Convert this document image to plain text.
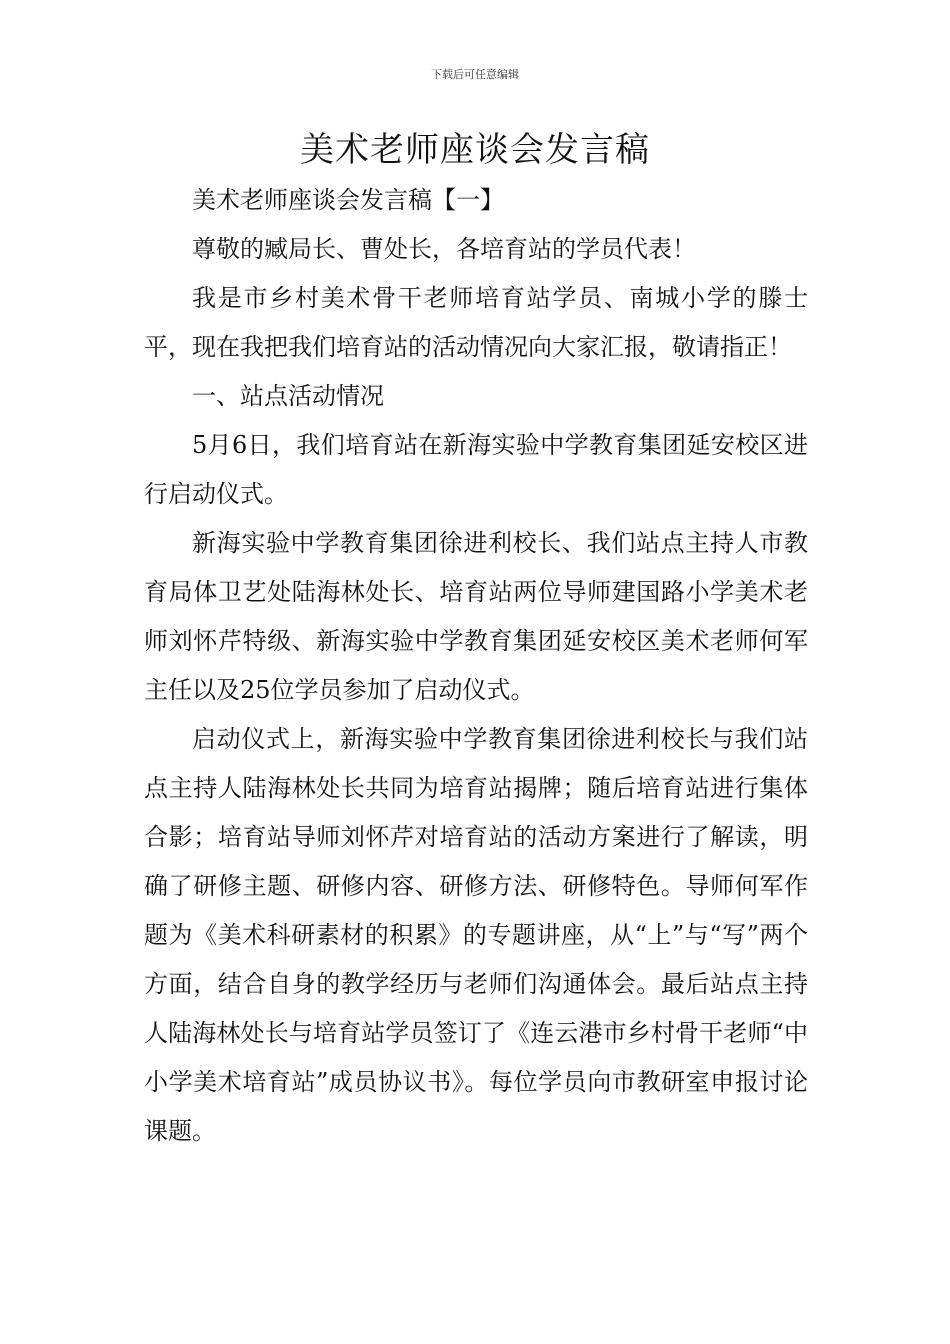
下载后可任意编辑
美术老师座谈会发言稿

美术老师座谈会发言稿【一】

尊敬的臧局长、曹处长，各培育站的学员代表！

我是市乡村美术骨干老师培育站学员、南城小学的滕士平，现在我把我们培育站的活动情况向大家汇报，敬请指正！

一、站点活动情况

5月6日，我们培育站在新海实验中学教育集团延安校区进行启动仪式。

新海实验中学教育集团徐进利校长、我们站点主持人市教育局体卫艺处陆海林处长、培育站两位导师建国路小学美术老师刘怀芹特级、新海实验中学教育集团延安校区美术老师何军主任以及25位学员参加了启动仪式。

启动仪式上，新海实验中学教育集团徐进利校长与我们站点主持人陆海林处长共同为培育站揭牌；随后培育站进行集体合影；培育站导师刘怀芹对培育站的活动方案进行了解读，明确了研修主题、研修内容、研修方法、研修特色。导师何军作题为《美术科研素材的积累》的专题讲座，从“上”与“写”两个方面，结合自身的教学经历与老师们沟通体会。最后站点主持人陆海林处长与培育站学员签订了《连云港市乡村骨干老师“中小学美术培育站”成员协议书》。每位学员向市教研室申报讨论课题。
